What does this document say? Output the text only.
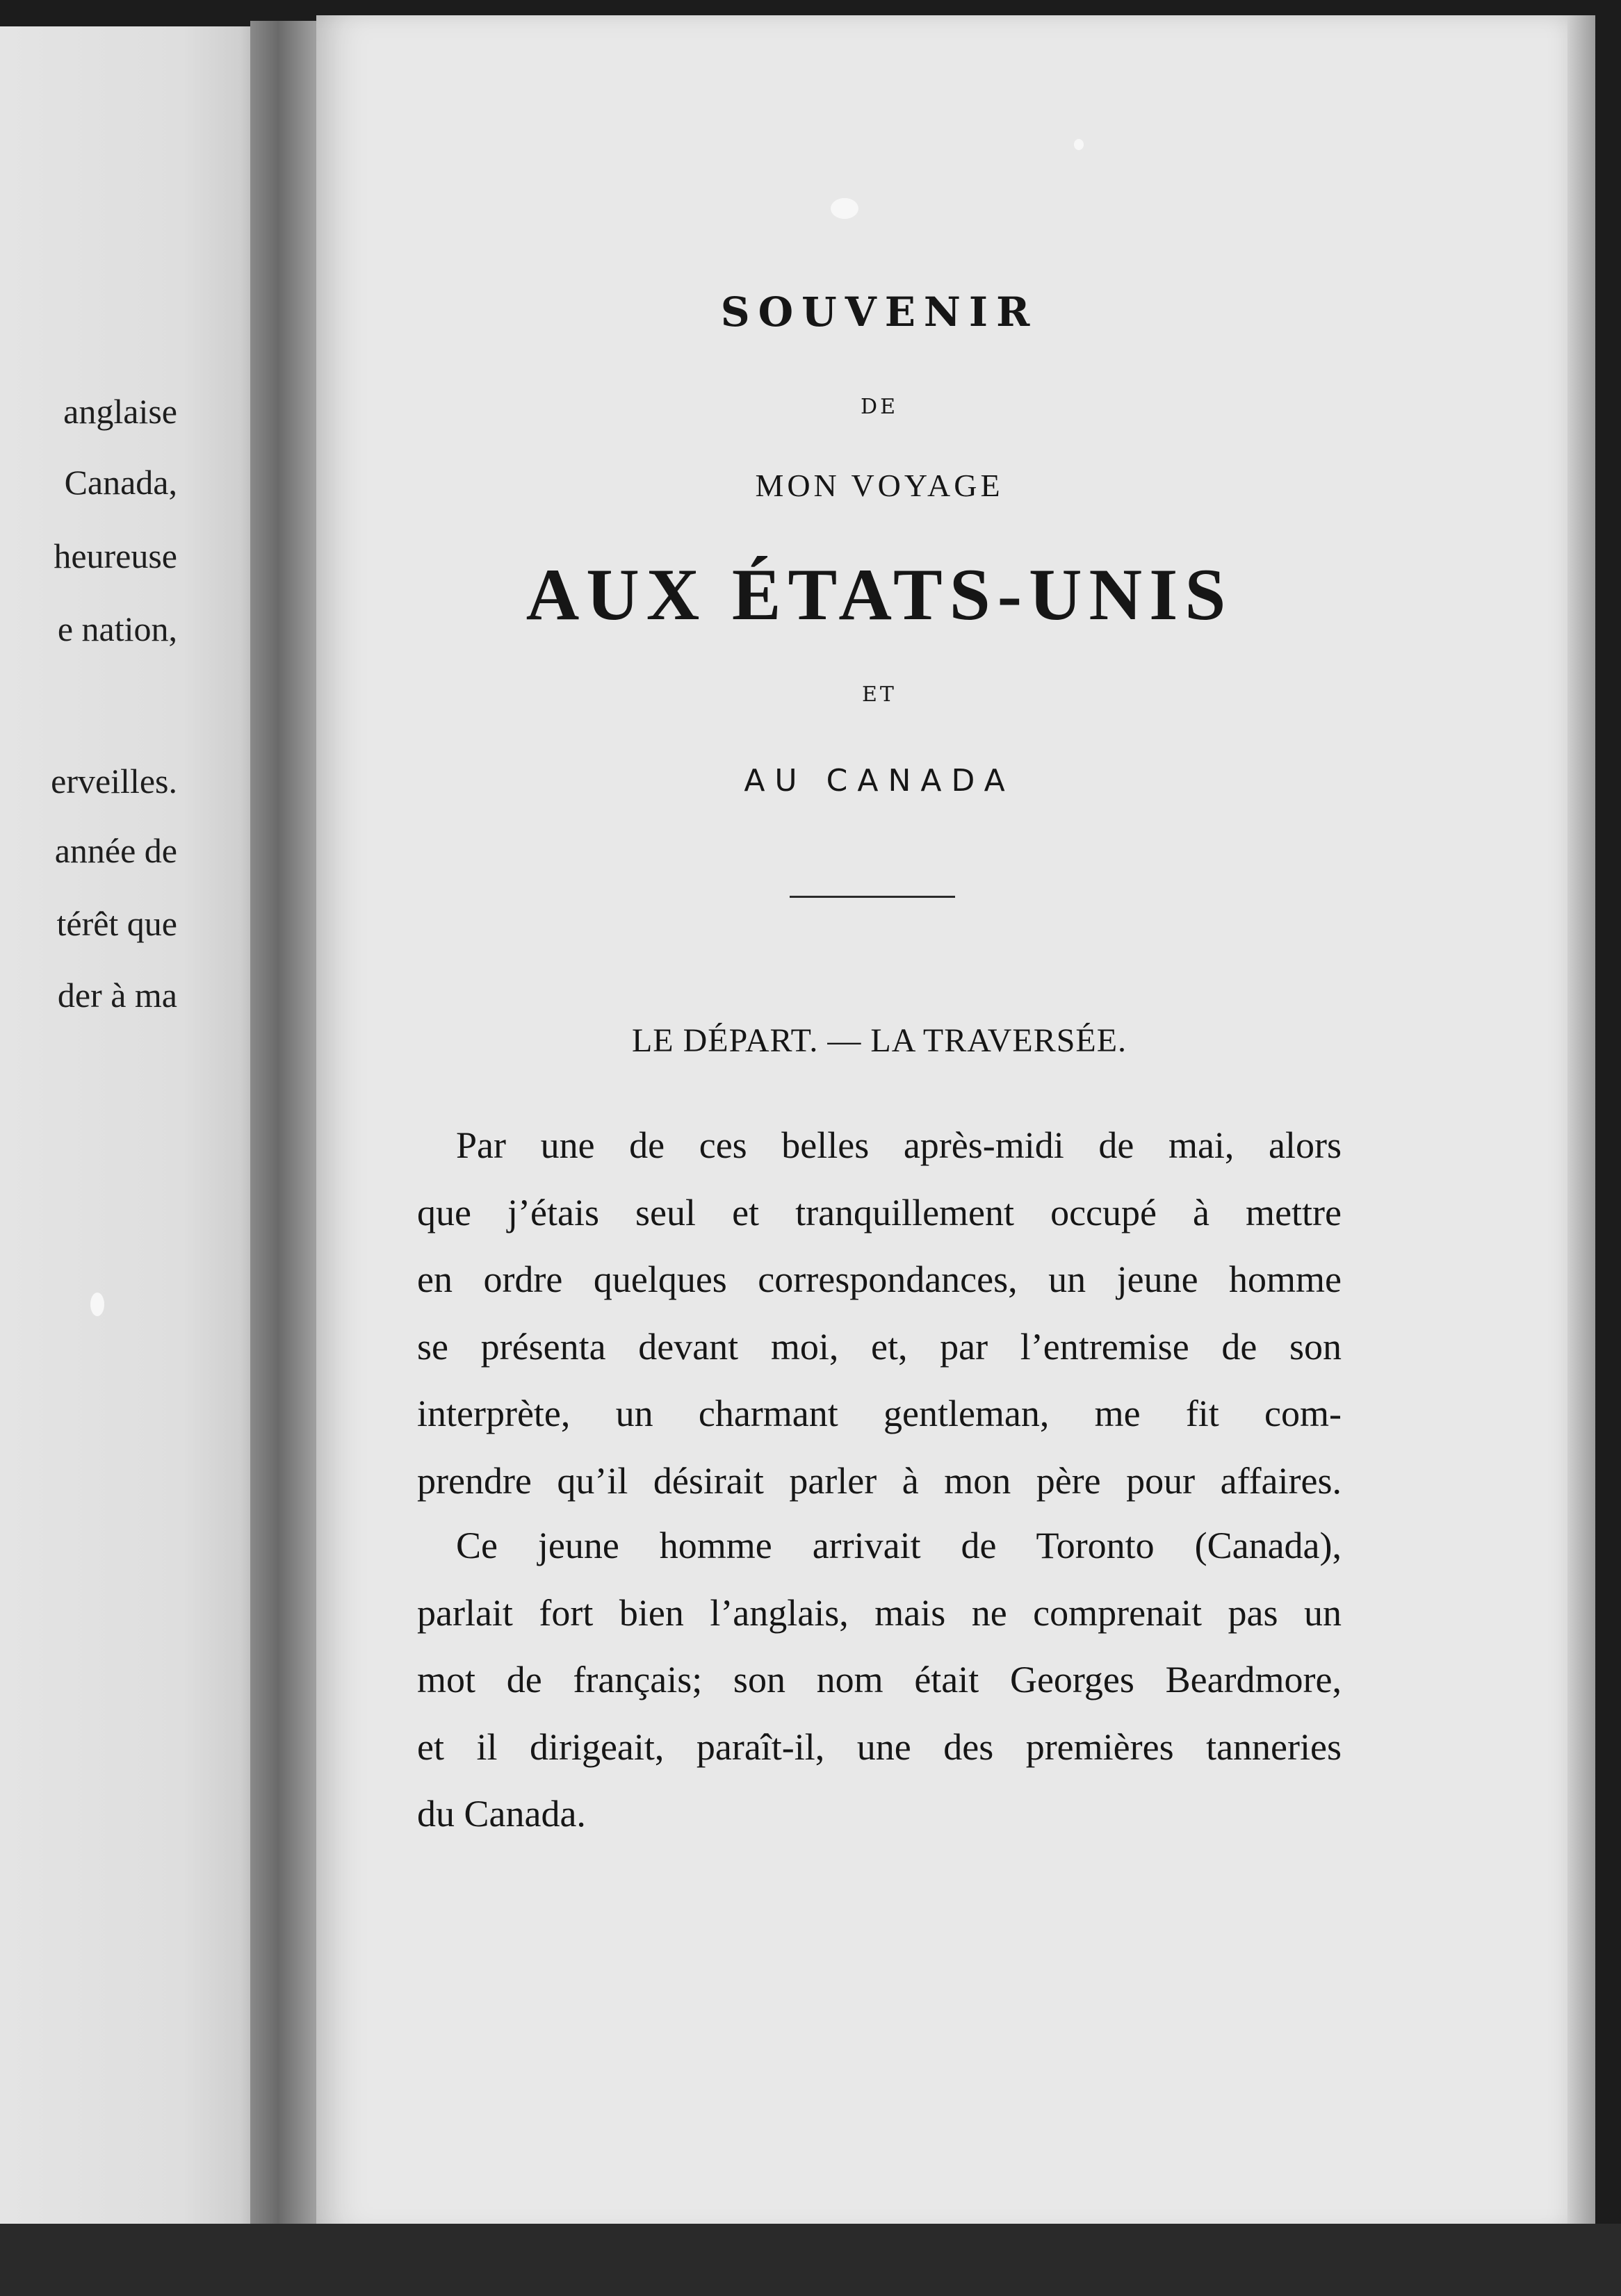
anglaise
Canada,
heureuse
e nation,
erveilles.
année de
térêt que
der à ma
SOUVENIR
DE
MON VOYAGE
AUX ÉTATS-UNIS
ET
AU CANADA
LE DÉPART. — LA TRAVERSÉE.
Par une de ces belles après-midi de mai, alors
que j’étais seul et tranquillement occupé à mettre
en ordre quelques correspondances, un jeune homme
se présenta devant moi, et, par l’entremise de son
interprète, un charmant gentleman, me fit com-
prendre qu’il désirait parler à mon père pour affaires.
Ce jeune homme arrivait de Toronto (Canada),
parlait fort bien l’anglais, mais ne comprenait pas un
mot de français; son nom était Georges Beardmore,
et il dirigeait, paraît-il, une des premières tanneries
du Canada.
